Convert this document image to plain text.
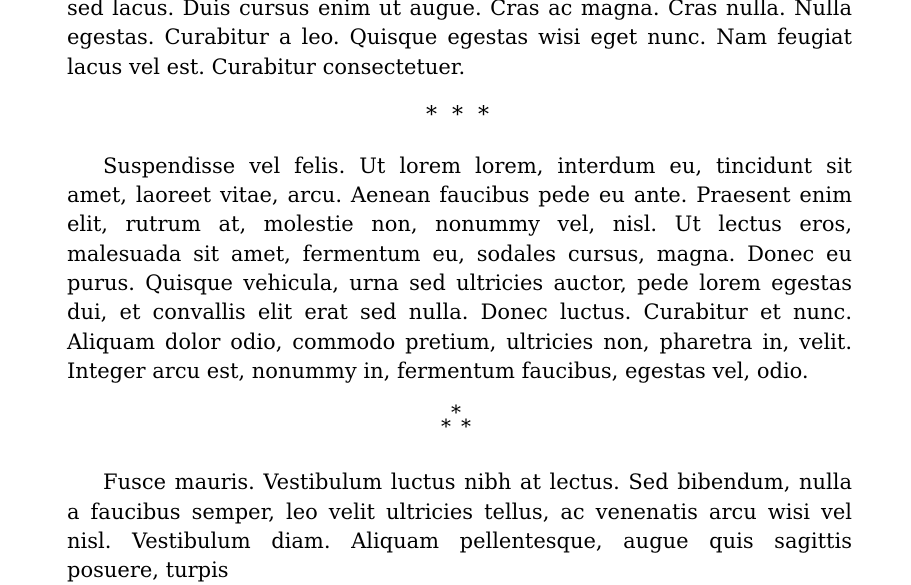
sed lacus. Duis cursus enim ut augue. Cras ac magna. Cras nulla. Nulla egestas. Curabitur a leo. Quisque egestas wisi eget nunc. Nam feugiat lacus vel est. Curabitur consectetuer.

* * *

Suspendisse vel felis. Ut lorem lorem, interdum eu, tincidunt sit amet, laoreet vitae, arcu. Aenean faucibus pede eu ante. Praesent enim elit, rutrum at, molestie non, nonummy vel, nisl. Ut lectus eros, malesuada sit amet, fermentum eu, sodales cursus, magna. Donec eu purus. Quisque vehicula, urna sed ultricies auctor, pede lorem egestas dui, et convallis elit erat sed nulla. Donec luctus. Curabitur et nunc. Aliquam dolor odio, commodo pretium, ultricies non, pharetra in, velit. Integer arcu est, nonummy in, fermentum faucibus, egestas vel, odio.

*
* *

Fusce mauris. Vestibulum luctus nibh at lectus. Sed bibendum, nulla a faucibus semper, leo velit ultricies tellus, ac venenatis arcu wisi vel nisl. Vestibulum diam. Aliquam pellentesque, augue quis sagittis posuere, turpis
